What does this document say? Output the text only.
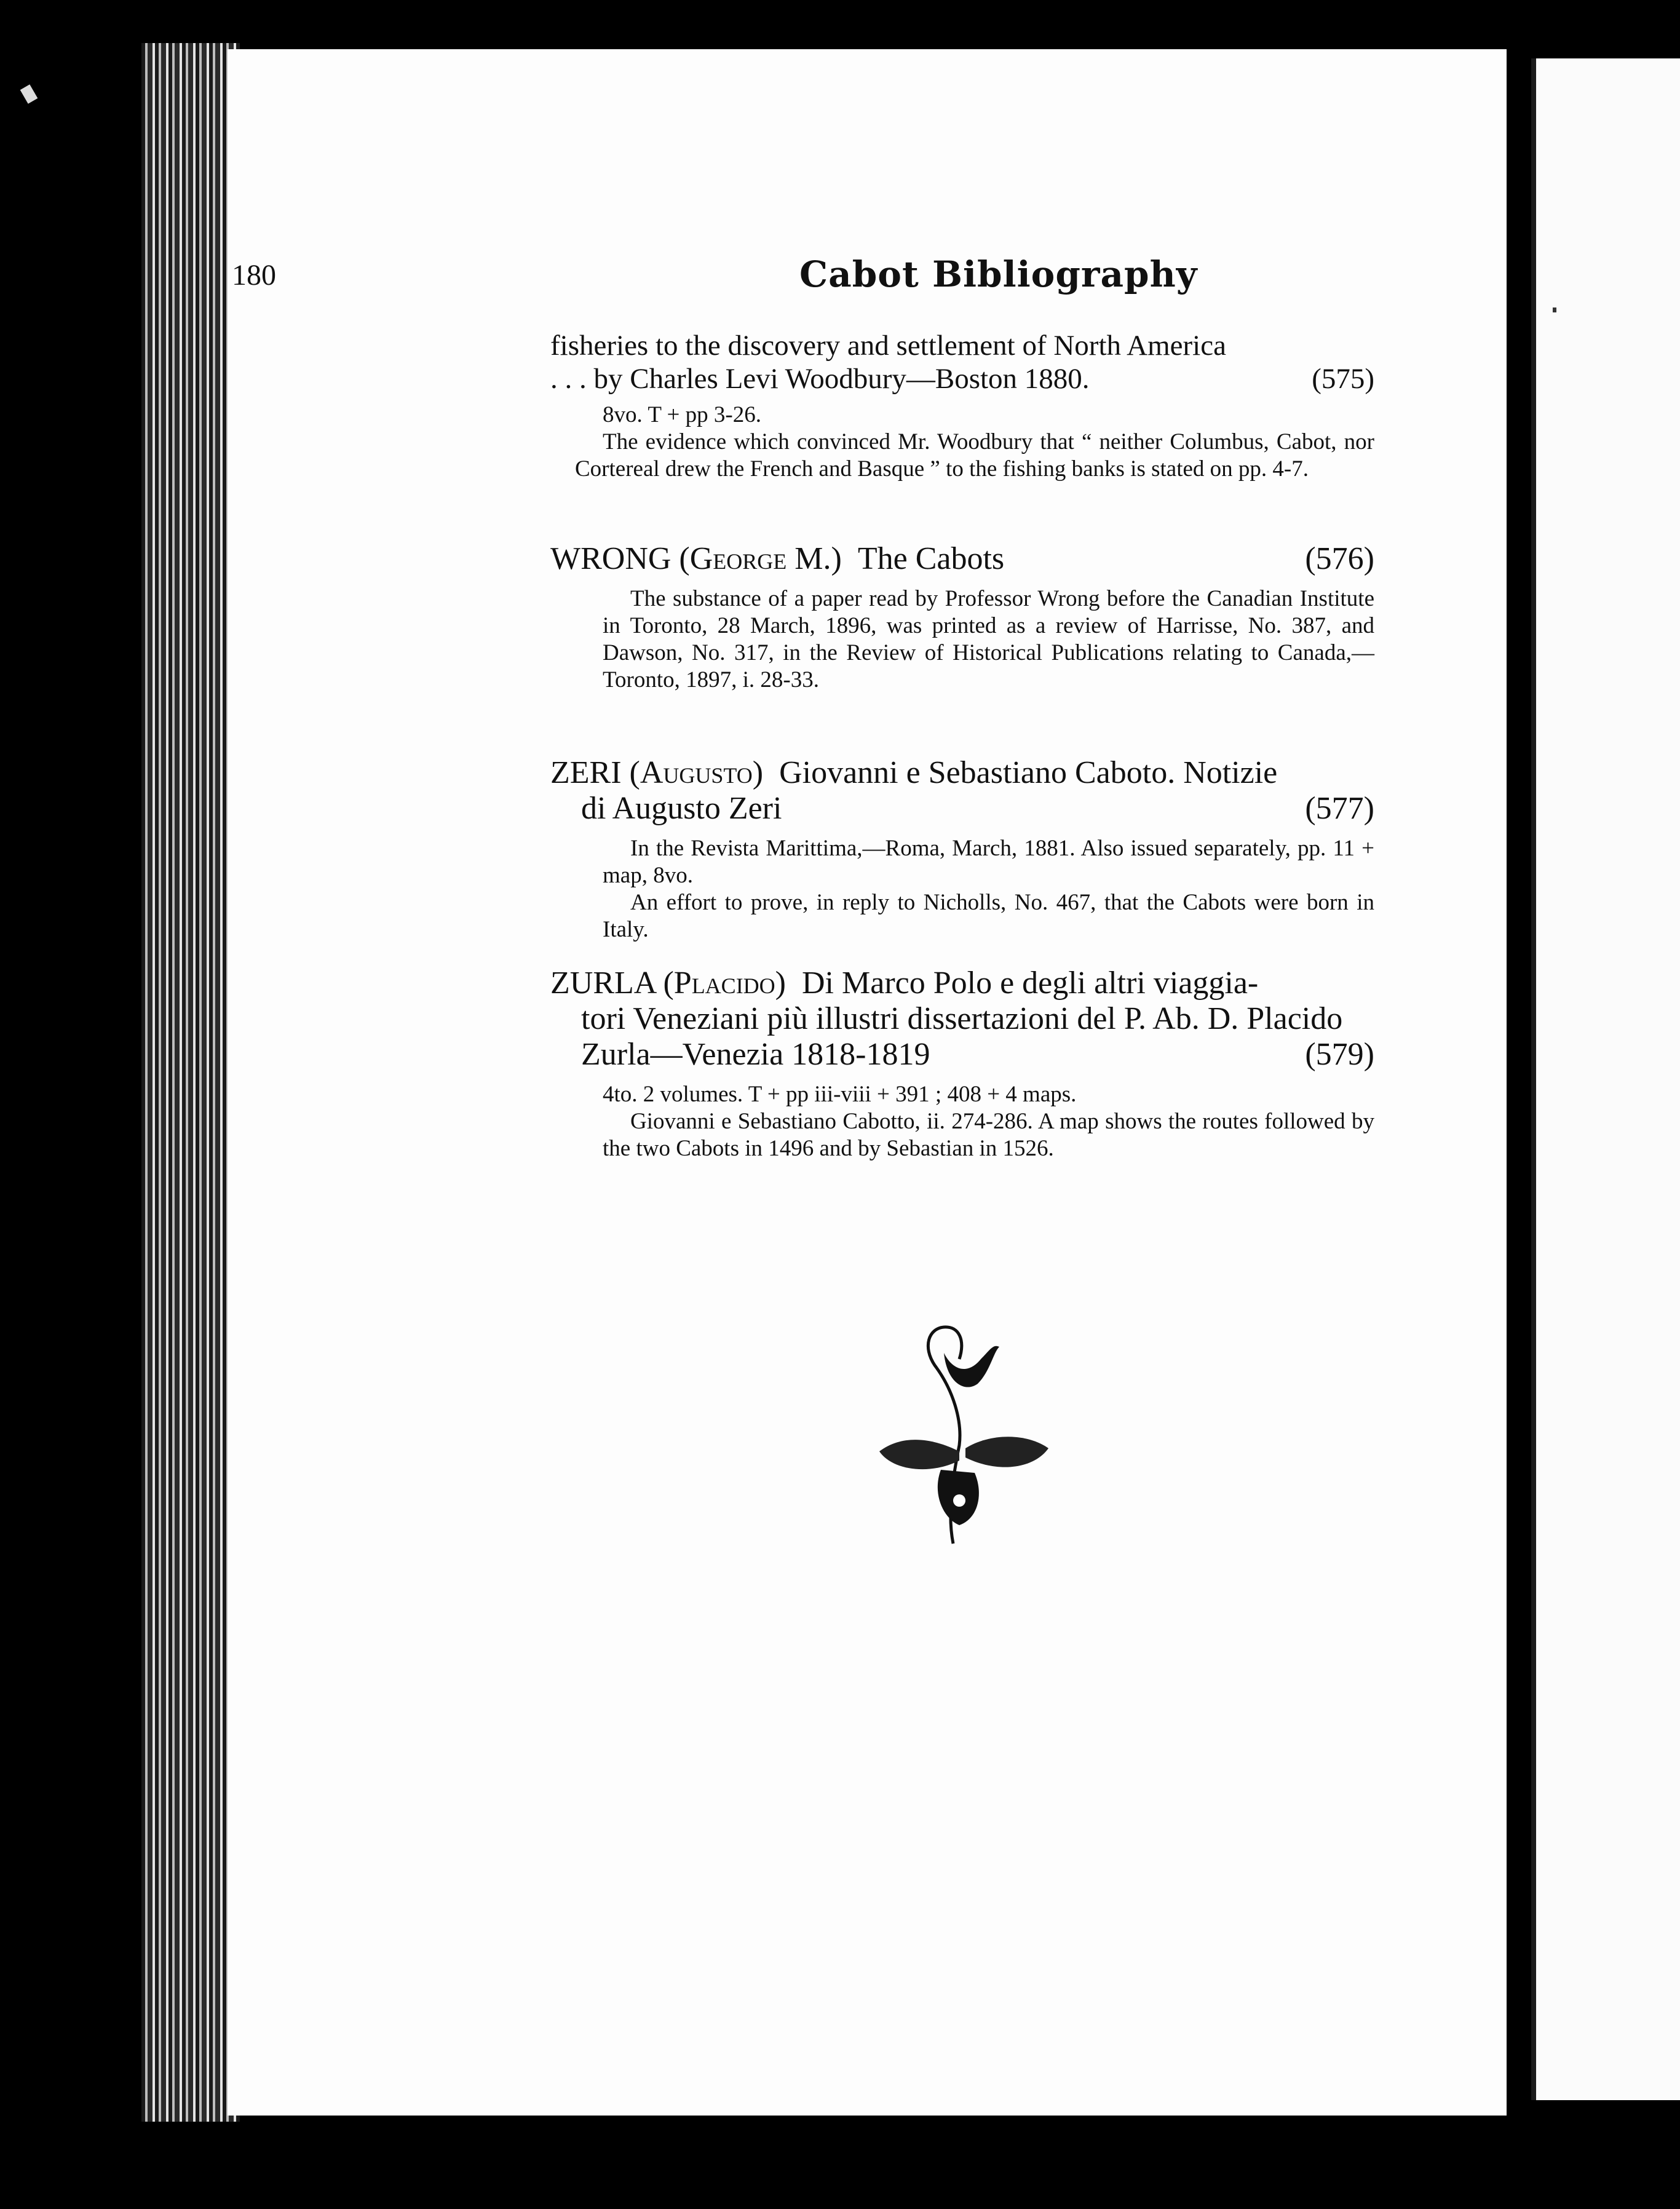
180	Cabot Bibliography
fisheries to the discovery and settlement of North America
(575)
. . . by Charles Levi Woodbury—Boston 1880.
8vo. T + pp 3-26.
The evidence which convinced Mr. Woodbury that “ neither Columbus, Cabot, nor Cortereal drew the French and Basque ” to the fishing banks is stated on pp. 4-7.
(576)
WRONG (George M.) The Cabots
The substance of a paper read by Professor Wrong before the Canadian Institute in Toronto, 28 March, 1896, was printed as a review of Harrisse, No. 387, and Dawson, No. 317, in the Review of Historical Publications relating to Canada,—Toronto, 1897, i. 28-33.
ZERI (Augusto) Giovanni e Sebastiano Caboto. Notizie
(577)
di Augusto Zeri
In the Revista Marittima,—Roma, March, 1881. Also issued separately, pp. 11 + map, 8vo.
An effort to prove, in reply to Nicholls, No. 467, that the Cabots were born in Italy.
ZURLA (Placido) Di Marco Polo e degli altri viaggia-
tori Veneziani più illustri dissertazioni del P. Ab. D. Placido
(579)
Zurla—Venezia 1818-1819
4to. 2 volumes. T + pp iii-viii + 391 ; 408 + 4 maps.
Giovanni e Sebastiano Cabotto, ii. 274-286. A map shows the routes followed by the two Cabots in 1496 and by Sebastian in 1526.
